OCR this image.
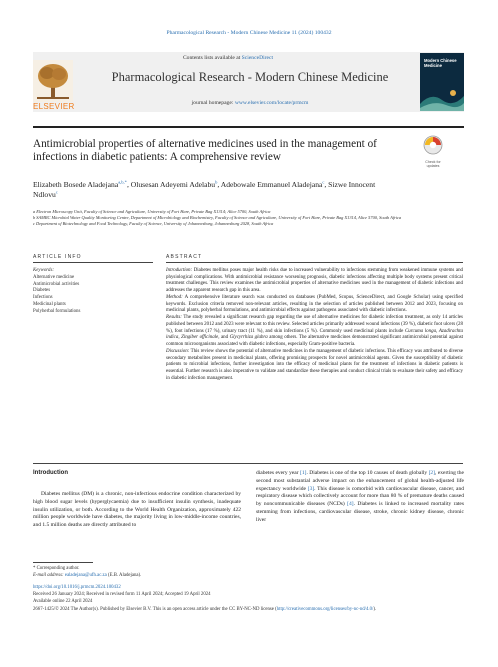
Pharmacological Research - Modern Chinese Medicine 11 (2024) 100432
ELSEVIER
Contents lists available at ScienceDirect
Pharmacological Research - Modern Chinese Medicine
journal homepage: www.elsevier.com/locate/prmcm
Modern Chinese Medicine
Antimicrobial properties of alternative medicines used in the management of infections in diabetic patients: A comprehensive review	Check for updates
Elizabeth Bosede Aladejana$^{a,b,*}$, Olusesan Adeyemi Adelabu$^b$, Adebowale Emmanuel Aladejana$^c$, Sizwe Innocent Ndlovu$^c$
a Electron Microscopy Unit, Faculty of Science and Agriculture, University of Fort Hare, Private Bag X1314; Alice 5700, South Africa
b SAMRC Microbial Water Quality Monitoring Centre, Department of Microbiology and Biochemistry, Faculty of Science and Agriculture, University of Fort Hare, Private Bag X1314, Alice 5700, South Africa
c Department of Biotechnology and Food Technology, Faculty of Science, University of Johannesburg, Johannesburg 2028, South Africa
ARTICLE INFO	ABSTRACT
Keywords:
Alternative medicine
Antimicrobial activities
Diabetes
Infections
Medicinal plants
Polyherbal formulations

Introduction: Diabetes mellitus poses major health risks due to increased vulnerability to infections stemming from weakened immune systems and physiological complications. With antimicrobial resistance worsening prognosis, diabetic infections affecting multiple body systems present critical treatment challenges. This review examines the antimicrobial properties of alternative medicines used in the management of diabetic infections and addresses the apparent research gap in this area.

Method: A comprehensive literature search was conducted on databases (PubMed, Scopus, ScienceDirect, and Google Scholar) using specified keywords. Exclusion criteria removed non-relevant articles, resulting in the selection of articles published between 2012 and 2023, focusing on medicinal plants, polyherbal formulations, and antimicrobial effects against pathogens associated with diabetic infections.

Results: The study revealed a significant research gap regarding the use of alternative medicines for diabetic infection treatment, as only 14 articles published between 2012 and 2023 were relevant to this review. Selected articles primarily addressed wound infections (39 %), diabetic foot ulcers (28 %), foot infections (17 %), urinary tract (11 %), and skin infections (5 %). Commonly used medicinal plants include Curcuma longa, Azadirachta indica, Zingiber officinale, and Glycyrrhiza glabra among others. The alternative medicines demonstrated significant antimicrobial potential against common microorganisms associated with diabetic infections, especially Gram-positive bacteria.

Discussion: This review shows the potential of alternative medicines in the management of diabetic infections. This efficacy was attributed to diverse secondary metabolites present in medicinal plants, offering promising prospects for novel antimicrobial agents. Given the susceptibility of diabetic patients to microbial infections, further investigation into the efficacy of medicinal plants for the treatment of infections in diabetic patients is essential. Further research is also imperative to validate and standardize these therapies and conduct clinical trials to evaluate their safety and efficacy in diabetic infection management.

Introduction
Diabetes mellitus (DM) is a chronic, non-infectious endocrine condition characterized by high blood sugar levels (hyperglycaemia) due to insufficient insulin synthesis, inadequate insulin utilization, or both. According to the World Health Organization, approximately 422 million people worldwide have diabetes, the majority living in low-middle-income countries, and 1.5 million deaths are directly attributed to
diabetes every year [1]. Diabetes is one of the top 10 causes of death globally [2], exerting the second most substantial adverse impact on the enhancement of global health-adjusted life expectancy worldwide [3]. This disease is comorbid with cardiovascular disease, cancer, and respiratory disease which collectively account for more than 80 % of premature deaths caused by noncommunicable diseases (NCDs) [4]. Diabetes is linked to increased mortality rates stemming from infections, cardiovascular disease, stroke, chronic kidney disease, chronic liver
* Corresponding author.
E-mail address: ealadejana@ufh.ac.za (E.B. Aladejana).
https://doi.org/10.1016/j.prmcm.2024.100432
Received 26 January 2024; Received in revised form 11 April 2024; Accepted 19 April 2024
Available online 22 April 2024
2667-1425/© 2024 The Author(s). Published by Elsevier B.V. This is an open access article under the CC BY-NC-ND license (http://creativecommons.org/licenses/by-nc-nd/4.0/).
